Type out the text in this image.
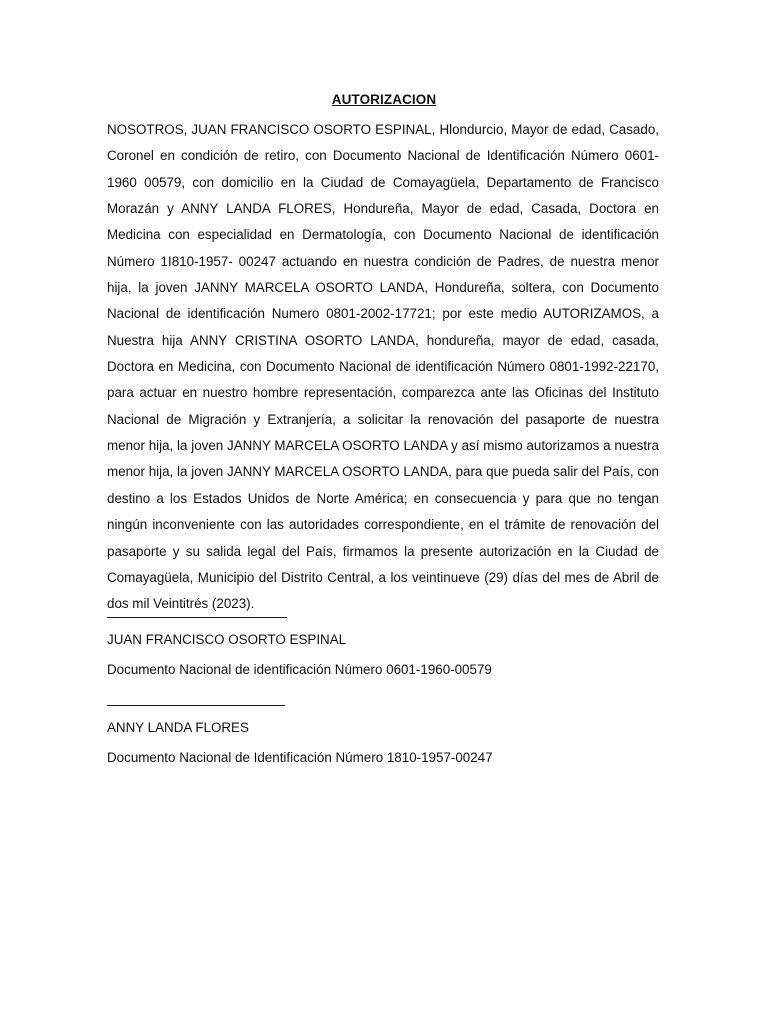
AUTORIZACION

NOSOTROS, JUAN FRANCISCO OSORTO ESPINAL, Hlondurcio, Mayor de edad, Casado, Coronel en condición de retiro, con Documento Nacional de Identificación Número 0601-1960 00579, con domicilio en la Ciudad de Comayagüela, Departamento de Francisco Morazán y ANNY LANDA FLORES, Hondureña, Mayor de edad, Casada, Doctora en Medicina con especialidad en Dermatología, con Documento Nacional de identificación Número 1I810-1957- 00247 actuando en nuestra condición de Padres, de nuestra menor hija, la joven JANNY MARCELA OSORTO LANDA, Hondureña, soltera, con Documento Nacional de identificación Numero 0801-2002-17721; por este medio AUTORIZAMOS, a Nuestra hija ANNY CRISTINA OSORTO LANDA, hondureña, mayor de edad, casada, Doctora en Medicina, con Documento Nacional de identificación Número 0801-1992-22170, para actuar en nuestro hombre representación, comparezca ante las Oficinas del Instituto Nacional de Migración y Extranjería, a solicitar la renovación del pasaporte de nuestra menor hija, la joven JANNY MARCELA OSORTO LANDA y así mismo autorizamos a nuestra menor hija, la joven JANNY MARCELA OSORTO LANDA, para que pueda salir del País, con destino a los Estados Unidos de Norte América; en consecuencia y para que no tengan ningún inconveniente con las autoridades correspondiente, en el trámite de renovación del pasaporte y su salida legal del País, firmamos la presente autorización en la Ciudad de Comayagüela, Municipio del Distrito Central, a los veintinueve (29) días del mes de Abril de dos mil Veintitrés (2023).

JUAN FRANCISCO OSORTO ESPINAL
Documento Nacional de identificación Número 0601-1960-00579
ANNY LANDA FLORES
Documento Nacional de Identificación Número 1810-1957-00247
